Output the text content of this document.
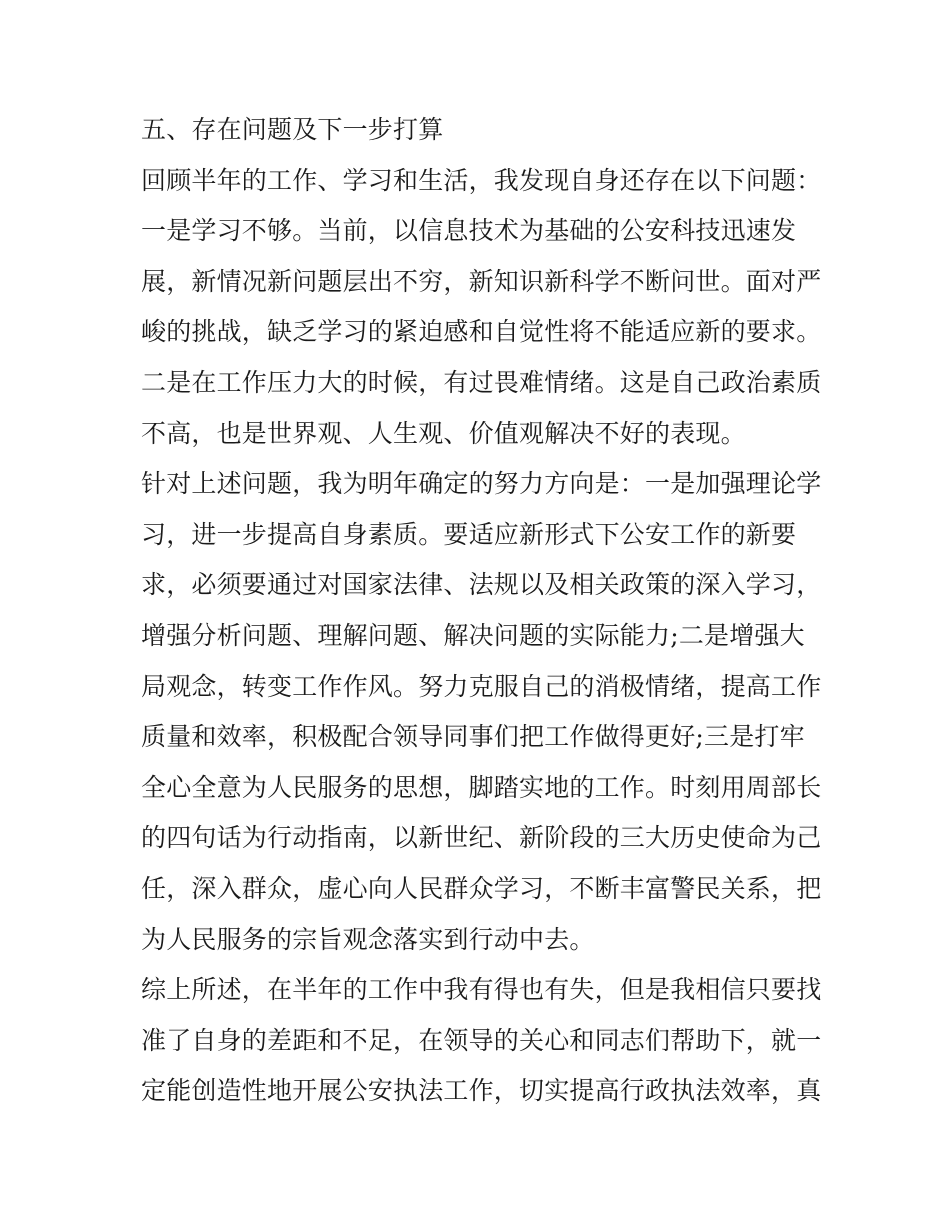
五、存在问题及下一步打算
回顾半年的工作、学习和生活，我发现自身还存在以下问题：
一是学习不够。当前，以信息技术为基础的公安科技迅速发
展，新情况新问题层出不穷，新知识新科学不断问世。面对严
峻的挑战，缺乏学习的紧迫感和自觉性将不能适应新的要求。
二是在工作压力大的时候，有过畏难情绪。这是自己政治素质
不高，也是世界观、人生观、价值观解决不好的表现。
针对上述问题，我为明年确定的努力方向是：一是加强理论学
习，进一步提高自身素质。要适应新形式下公安工作的新要
求，必须要通过对国家法律、法规以及相关政策的深入学习，
增强分析问题、理解问题、解决问题的实际能力;二是增强大
局观念，转变工作作风。努力克服自己的消极情绪，提高工作
质量和效率，积极配合领导同事们把工作做得更好;三是打牢
全心全意为人民服务的思想，脚踏实地的工作。时刻用周部长
的四句话为行动指南，以新世纪、新阶段的三大历史使命为己
任，深入群众，虚心向人民群众学习，不断丰富警民关系，把
为人民服务的宗旨观念落实到行动中去。
综上所述，在半年的工作中我有得也有失，但是我相信只要找
准了自身的差距和不足，在领导的关心和同志们帮助下，就一
定能创造性地开展公安执法工作，切实提高行政执法效率，真
